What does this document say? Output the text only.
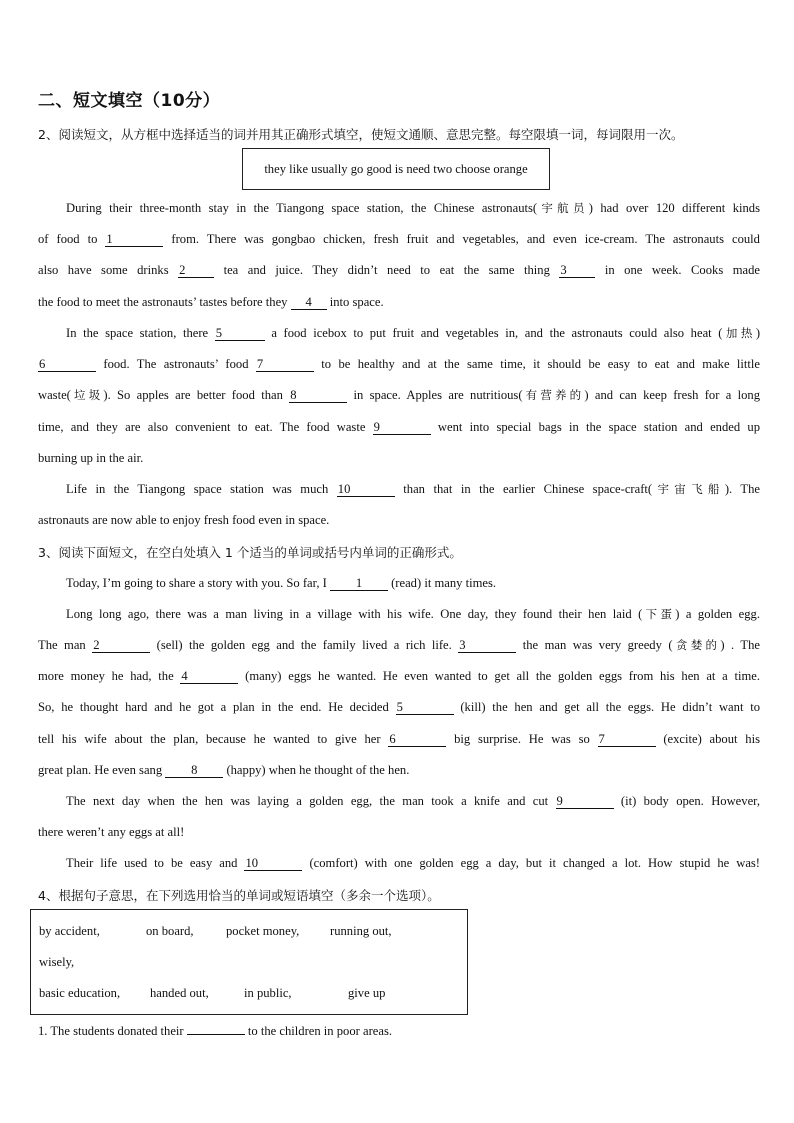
二、短文填空（10分）
2、阅读短文，从方框中选择适当的词并用其正确形式填空，使短文通顺、意思完整。每空限填一词，每词限用一次。
they like usually go good is need two choose orange
During their three-month stay in the Tiangong space station, the Chinese astronauts(宇航员) had over 120 different kinds
of food to 1	from. There was gongbao chicken, fresh fruit and vegetables, and even ice-cream. The astronauts could
also have some drinks 2 tea and juice. They didn’t need to eat the same thing 3 in one week. Cooks made
the food to meet the astronauts’ tastes before they 4 into space.
In the space station, there 5	a food icebox to put fruit and vegetables in, and the astronauts could also heat (加热)
6	food. The astronauts’ food 7	to be healthy and at the same time, it should be easy to eat and make little
waste(垃圾). So apples are better food than 8	in space. Apples are nutritious(有营养的) and can keep fresh for a long
time, and they are also convenient to eat. The food waste 9	went into special bags in the space station and ended up
burning up in the air.
Life in the Tiangong space station was much 10	than that in the earlier Chinese space-craft(宇宙飞船). The
astronauts are now able to enjoy fresh food even in space.
3、阅读下面短文，在空白处填入 1 个适当的单词或括号内单词的正确形式。
Today, I’m going to share a story with you. So far, I 1 (read) it many times.
Long long ago, there was a man living in a village with his wife. One day, they found their hen laid (下蛋) a golden egg.
The man 2	(sell) the golden egg and the family lived a rich life. 3	the man was very greedy (贪婪的) . The
more money he had, the 4	(many) eggs he wanted. He even wanted to get all the golden eggs from his hen at a time.
So, he thought hard and he got a plan in the end. He decided 5	(kill) the hen and get all the eggs. He didn’t want to
tell his wife about the plan, because he wanted to give her 6	big surprise. He was so 7	(excite) about his
great plan. He even sang 8 (happy) when he thought of the hen.
The next day when the hen was laying a golden egg, the man took a knife and cut 9	(it) body open. However,
there weren’t any eggs at all!
Their life used to be easy and 10	(comfort) with one golden egg a day, but it changed a lot. How stupid he was!
4、根据句子意思，在下列选用恰当的单词或短语填空（多余一个选项）。
by accident,	on board,	pocket money, running out,
wisely,
basic education, handed out,	in public,	give up
1. The students donated their	to the children in poor areas.
